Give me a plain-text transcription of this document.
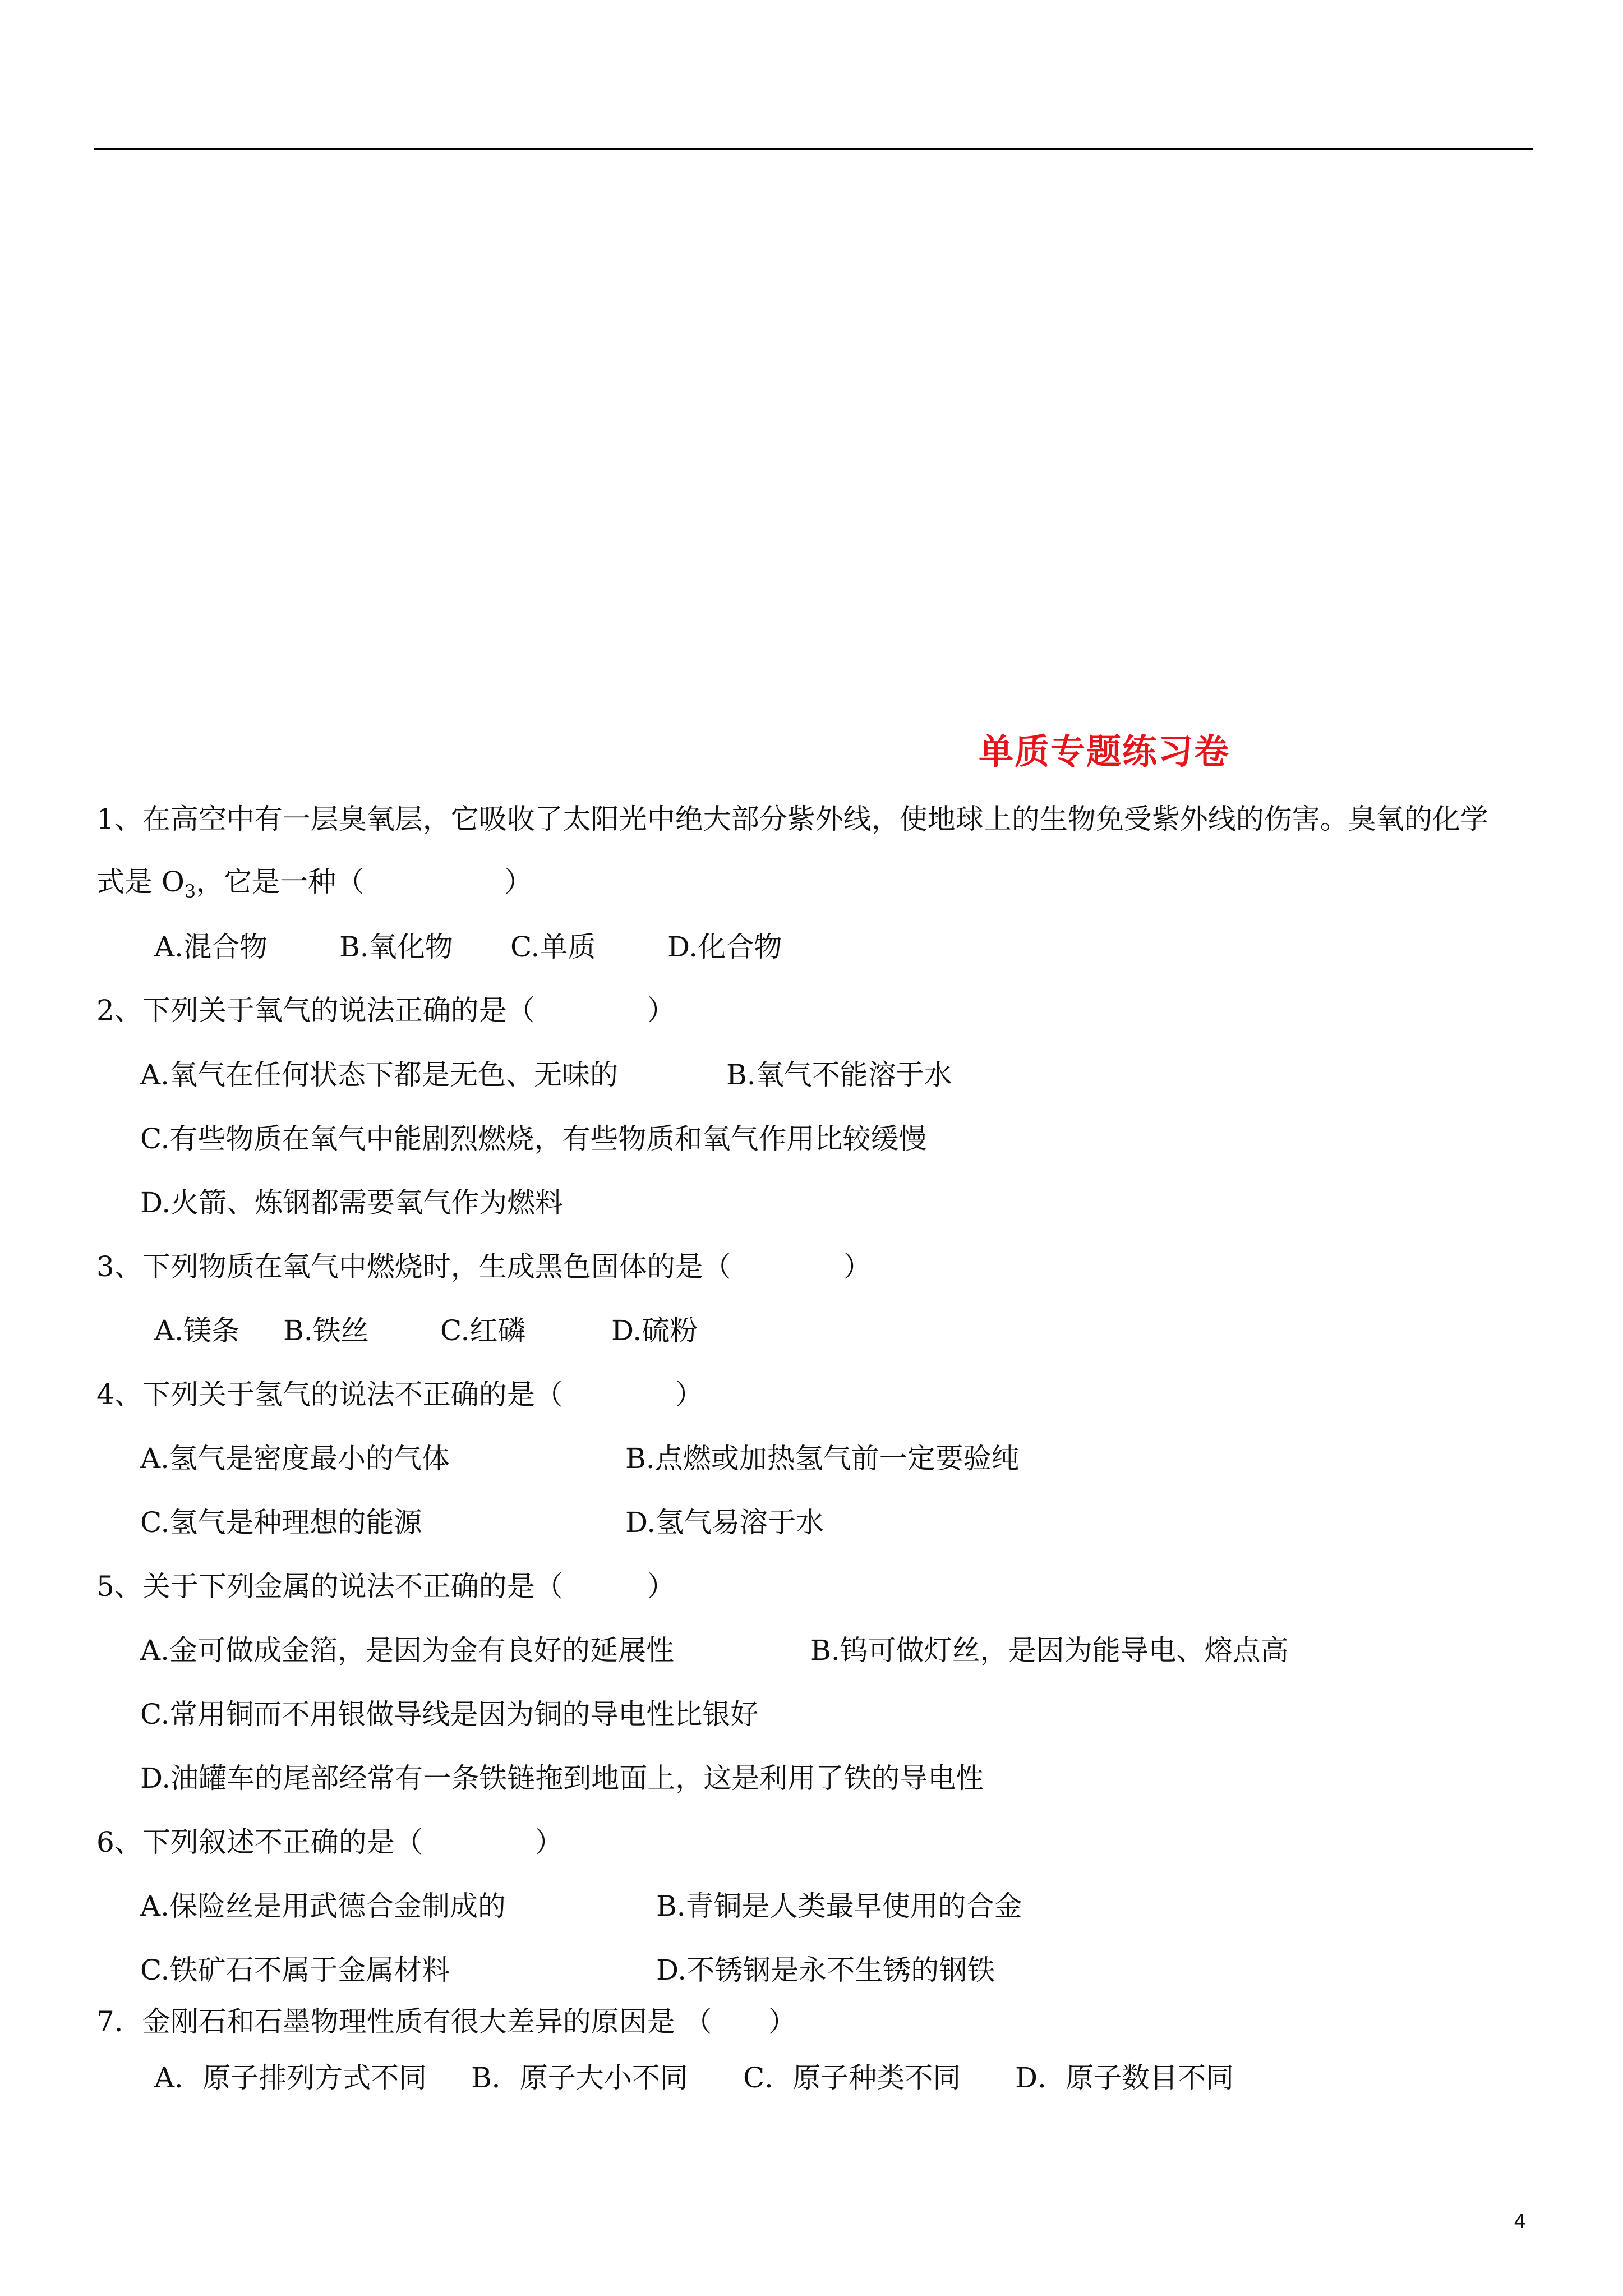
单质专题练习卷
1、在高空中有一层臭氧层，它吸收了太阳光中绝大部分紫外线，使地球上的生物免受紫外线的伤害。臭氧的化学
式是 $O_3$，它是一种（　　　　　）
A.混合物	B.氧化物 C.单质	D.化合物
2、下列关于氧气的说法正确的是（　　　　）
A.氧气在任何状态下都是无色、无味的	B.氧气不能溶于水
C.有些物质在氧气中能剧烈燃烧，有些物质和氧气作用比较缓慢
D.火箭、炼钢都需要氧气作为燃料
3、下列物质在氧气中燃烧时，生成黑色固体的是（　　　　）
A.镁条 B.铁丝	C.红磷	D.硫粉
4、下列关于氢气的说法不正确的是（　　　　）
A.氢气是密度最小的气体	B.点燃或加热氢气前一定要验纯
C.氢气是种理想的能源	D.氢气易溶于水
5、关于下列金属的说法不正确的是（　　　）
A.金可做成金箔，是因为金有良好的延展性	B.钨可做灯丝，是因为能导电、熔点高
C.常用铜而不用银做导线是因为铜的导电性比银好
D.油罐车的尾部经常有一条铁链拖到地面上，这是利用了铁的导电性
6、下列叙述不正确的是（　　　　）
A.保险丝是用武德合金制成的	B.青铜是人类最早使用的合金
C.铁矿石不属于金属材料	D.不锈钢是永不生锈的钢铁
7．金刚石和石墨物理性质有很大差异的原因是 （　　）
A．原子排列方式不同 B．原子大小不同 C．原子种类不同 D．原子数目不同
4
